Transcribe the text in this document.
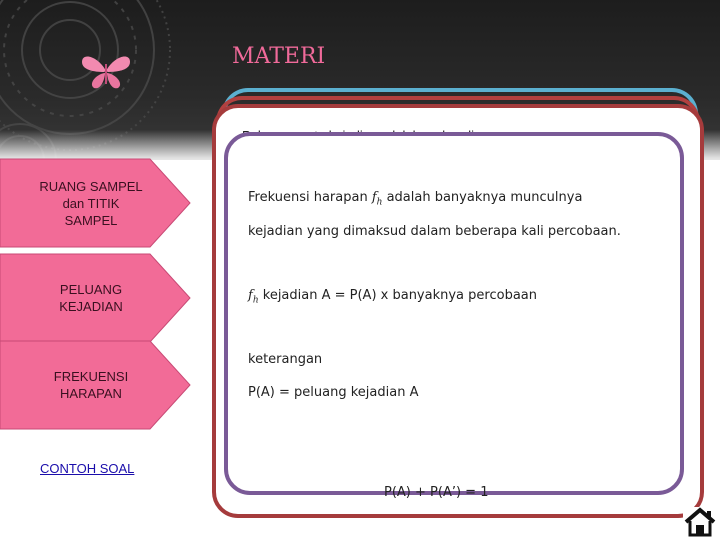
MATERI
RUANG SAMPEL
dan TITIK
SAMPEL
PELUANG
KEJADIAN
FREKUENSI
HARAPAN
CONTOH SOAL
Frekuensi harapan $f_h$ adalah banyaknya munculnya
kejadian yang dimaksud dalam beberapa kali percobaan.
$f_h$ kejadian A = P(A) x banyaknya percobaan
keterangan
P(A) = peluang kejadian A
P(A) + P(A’) = 1
